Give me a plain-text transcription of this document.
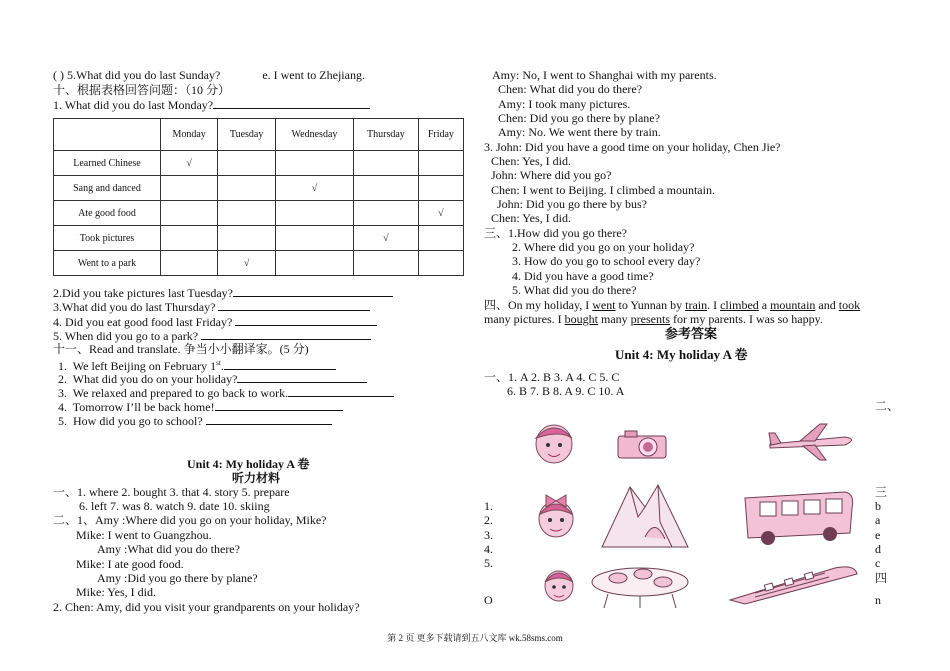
( ) 5.What did you do last Sunday?	e. I went to Zhejiang.
十、根据表格回答问题：（10 分）
1. What did you do last Monday?
	Monday	Tuesday	Wednesday	Thursday	Friday
Learned Chinese	√				
Sang and danced			√		
Ate good food					√
Took pictures				√	
Went to a park		√			
2.Did you take pictures last Tuesday?
3.What did you do last Thursday?
4. Did you eat good food last Friday?
5. When did you go to a park?
十一、Read and translate. 争当小小翻译家。(5 分)
1. We left Beijing on February 1st.
2. What did you do on your holiday?
3. We relaxed and prepared to go back to work.
4. Tomorrow I’ll be back home!
5. How did you go to school?
Unit 4: My holiday A 卷
听力材料
一、1. where 2. bought 3. that 4. story 5. prepare
6. left 7. was 8. watch 9. date 10. skiing
二、1、Amy :Where did you go on your holiday, Mike?
Mike: I went to Guangzhou.
Amy :What did you do there?
Mike: I ate good food.
Amy :Did you go there by plane?
Mike: Yes, I did.
2. Chen: Amy, did you visit your grandparents on your holiday?
Amy: No, I went to Shanghai with my parents.
Chen: What did you do there?
Amy: I took many pictures.
Chen: Did you go there by plane?
Amy: No. We went there by train.
3. John: Did you have a good time on your holiday, Chen Jie?
Chen: Yes, I did.
John: Where did you go?
Chen: I went to Beijing. I climbed a mountain.
John: Did you go there by bus?
Chen: Yes, I did.
三、1.How did you go there?
2. Where did you go on your holiday?
3. How do you go to school every day?
4. Did you have a good time?
5. What did you do there?
四、On my holiday, I went to Yunnan by train. I climbed a mountain and took
many pictures. I bought many presents for my parents. I was so happy.
参考答案
Unit 4: My holiday A 卷
一、1. A 2. B 3. A 4. C 5. C
6. B 7. B 8. A 9. C 10. A
二、
三
b
a
e
d
c
四
n
1.
2.
3.
4.
5.
O
第 2 页 更多下载请到五八文库 wk.58sms.com
